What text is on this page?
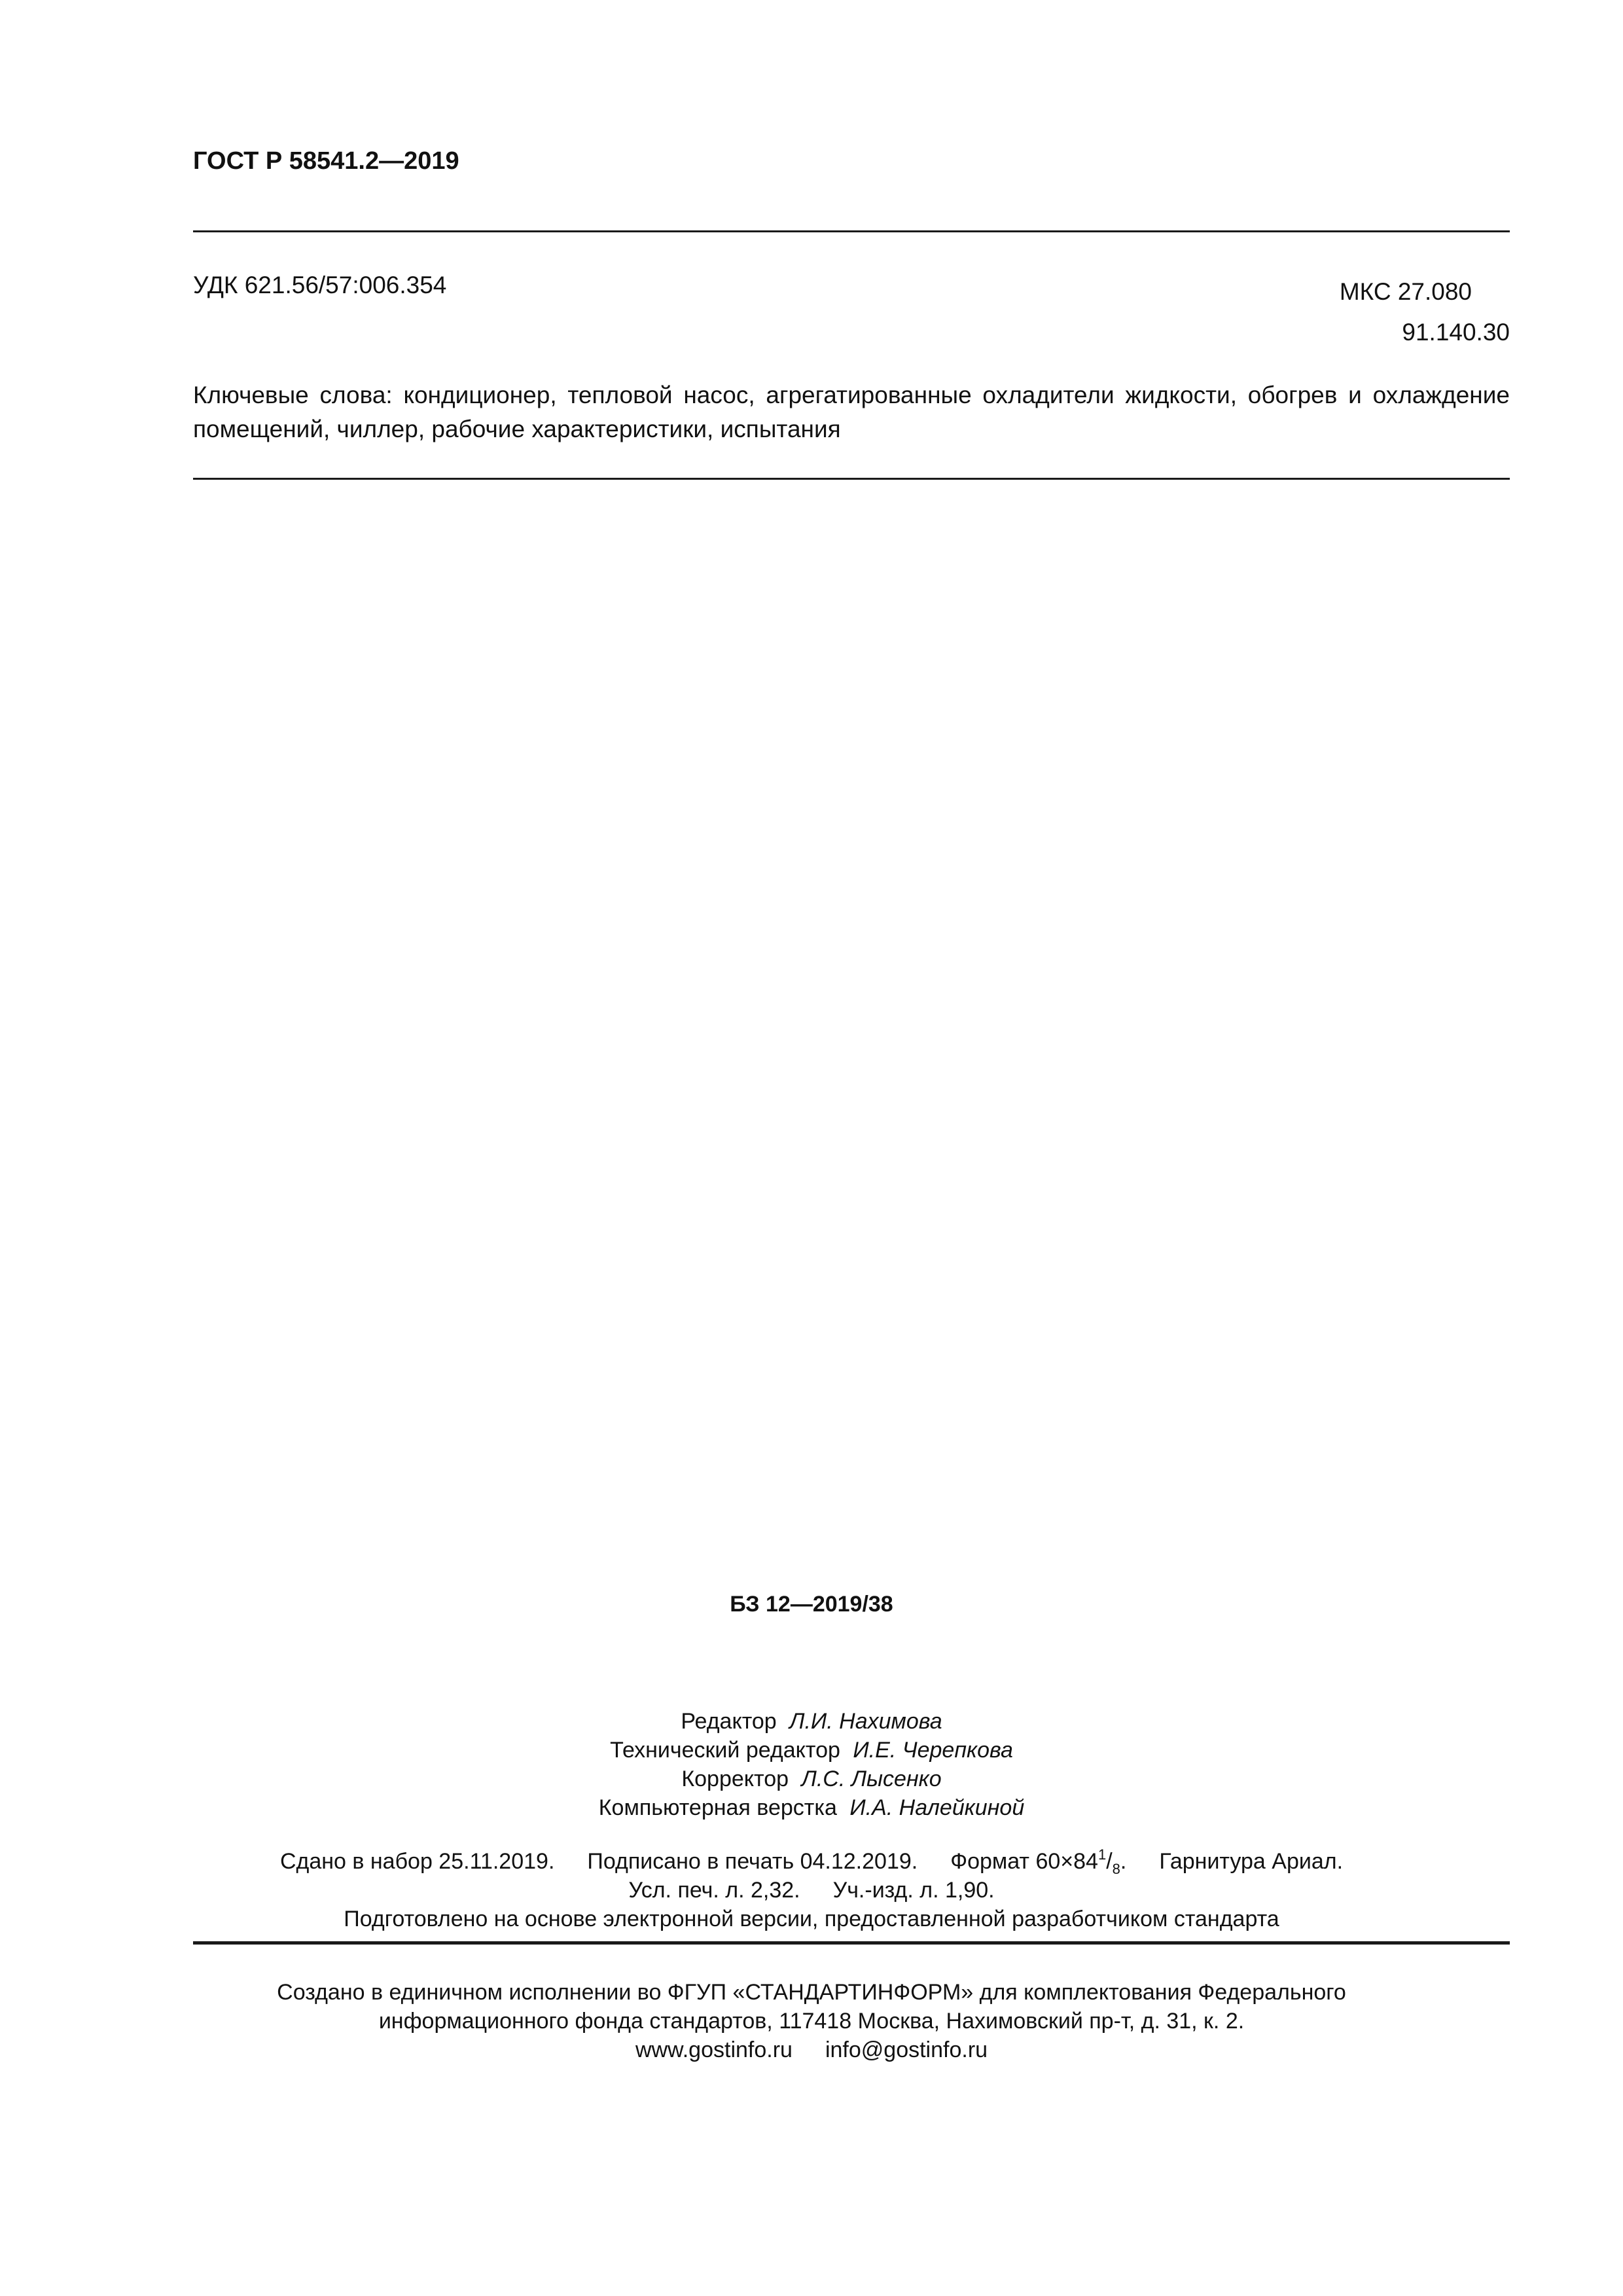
ГОСТ Р 58541.2—2019
УДК 621.56/57:006.354	МКС 27.080
91.140.30
Ключевые слова: кондиционер, тепловой насос, агрегатированные охладители жидкости, обогрев и охлаждение помещений, чиллер, рабочие характеристики, испытания
БЗ 12—2019/38
Редактор Л.И. Нахимова
Технический редактор И.Е. Черепкова
Корректор Л.С. Лысенко
Компьютерная верстка И.А. Налейкиной
Сдано в набор 25.11.2019. Подписано в печать 04.12.2019. Формат $60\times 84^1/_8$. Гарнитура Ариал.
Усл. печ. л. 2,32. Уч.-изд. л. 1,90.
Подготовлено на основе электронной версии, предоставленной разработчиком стандарта
Создано в единичном исполнении во ФГУП «СТАНДАРТИНФОРМ» для комплектования Федерального
информационного фонда стандартов, 117418 Москва, Нахимовский пр-т, д. 31, к. 2.
www.gostinfo.ru info@gostinfo.ru
